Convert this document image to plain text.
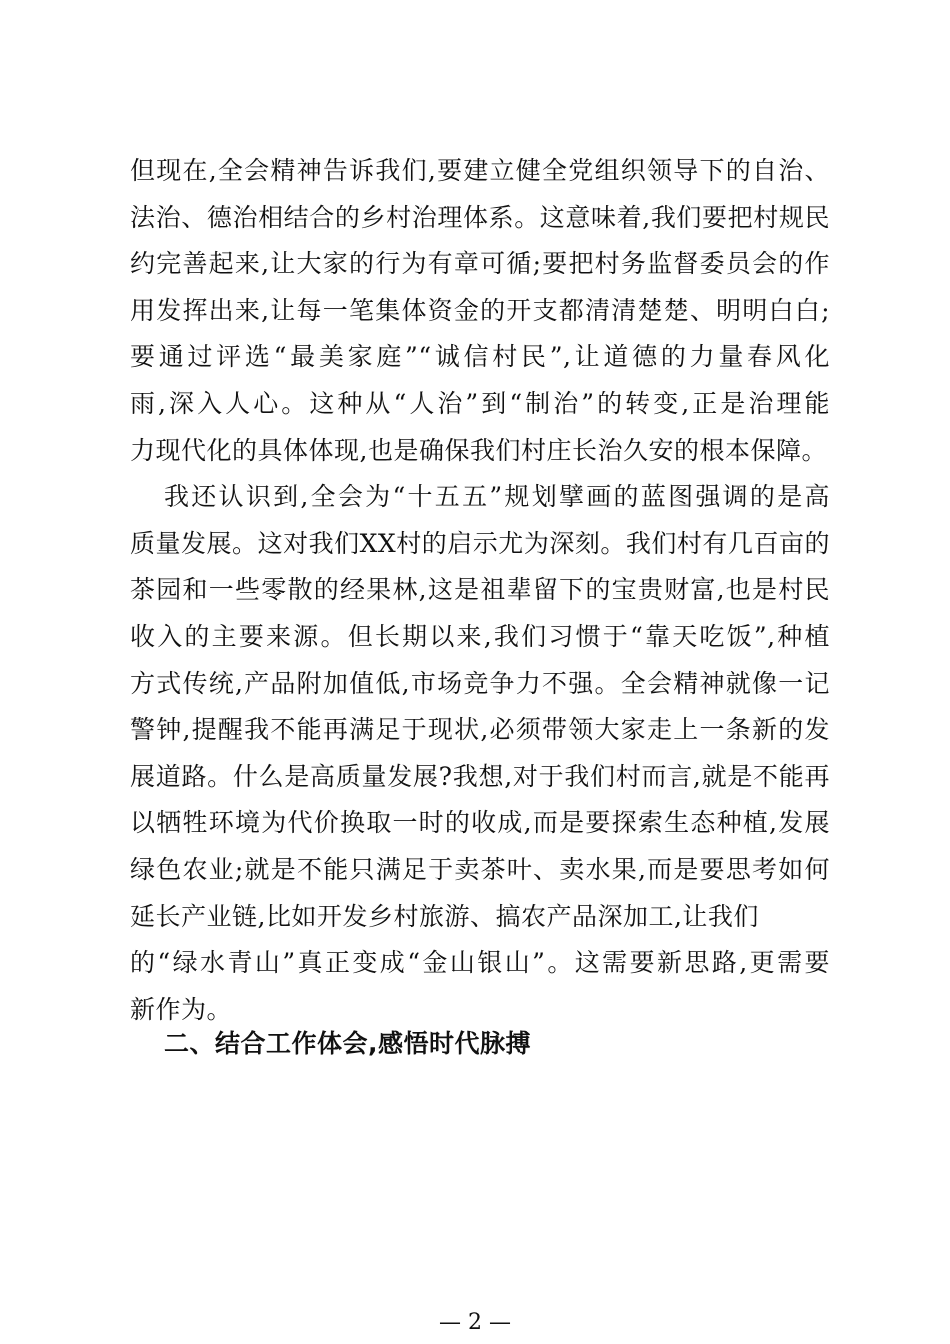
但现在,全会精神告诉我们,要建立健全党组织领导下的自治、
法治、德治相结合的乡村治理体系。这意味着,我们要把村规民
约完善起来,让大家的行为有章可循;要把村务监督委员会的作
用发挥出来,让每一笔集体资金的开支都清清楚楚、明明白白;
要通过评选“最美家庭”“诚信村民”,让道德的力量春风化
雨,深入人心。这种从“人治”到“制治”的转变,正是治理能
力现代化的具体体现,也是确保我们村庄长治久安的根本保障。
我还认识到,全会为“十五五”规划擘画的蓝图强调的是高
质量发展。这对我们XX村的启示尤为深刻。我们村有几百亩的
茶园和一些零散的经果林,这是祖辈留下的宝贵财富,也是村民
收入的主要来源。但长期以来,我们习惯于“靠天吃饭”,种植
方式传统,产品附加值低,市场竞争力不强。全会精神就像一记
警钟,提醒我不能再满足于现状,必须带领大家走上一条新的发
展道路。什么是高质量发展?我想,对于我们村而言,就是不能再
以牺牲环境为代价换取一时的收成,而是要探索生态种植,发展
绿色农业;就是不能只满足于卖茶叶、卖水果,而是要思考如何
延长产业链,比如开发乡村旅游、搞农产品深加工,让我们
的“绿水青山”真正变成“金山银山”。这需要新思路,更需要
新作为。
二、结合工作体会,感悟时代脉搏
— 2 —
